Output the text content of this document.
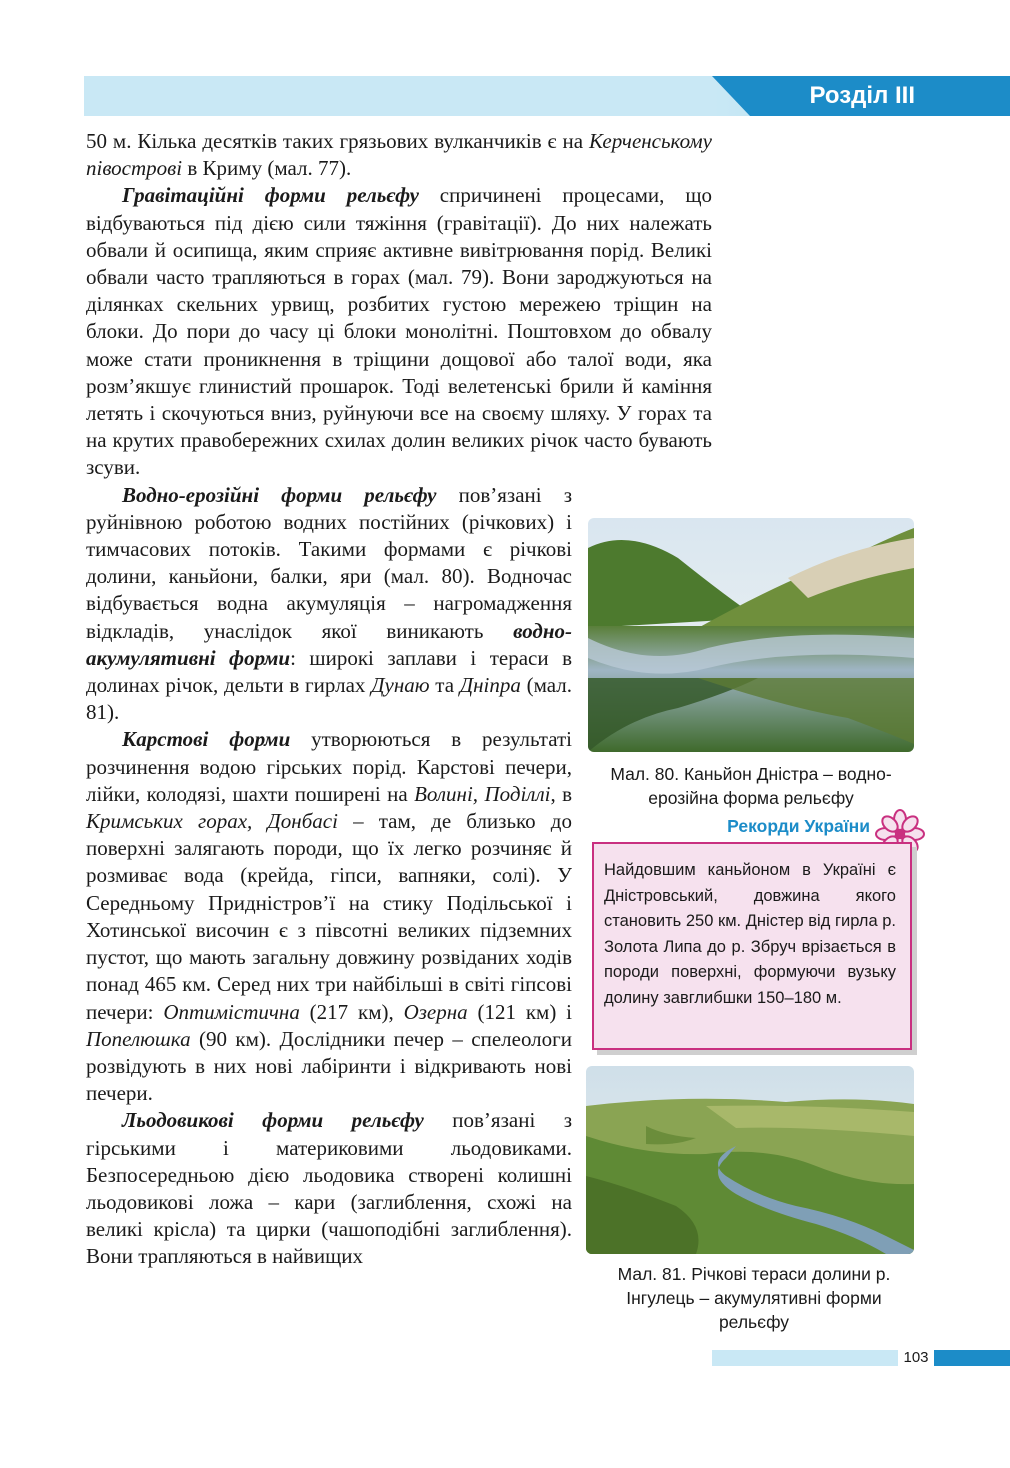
Розділ ІІІ

50 м. Кілька десятків таких грязьових вулканчиків є на Керченському півострові в Криму (мал. 77).

Гравітаційні форми рельєфу спричинені процесами, що відбуваються під дією сили тяжіння (гравітації). До них належать обвали й осипища, яким сприяє активне вивітрювання порід. Великі обвали часто трапляються в горах (мал. 79). Вони зароджуються на ділянках скельних урвищ, розбитих густою мережею тріщин на блоки. До пори до часу ці блоки монолітні. Поштовхом до обвалу може стати проникнення в тріщини дощової або талої води, яка розм’якшує глинистий прошарок. Тоді велетенські брили й каміння летять і скочуються вниз, руйнуючи все на своєму шляху. У горах та на крутих правобережних схилах долин великих річок часто бувають зсуви.

Водно-ерозійні форми рельєфу пов’язані з руйнівною роботою водних постійних (річкових) і тимчасових потоків. Такими формами є річкові долини, каньйони, балки, яри (мал. 80). Водночас відбувається водна акумуляція – нагромадження відкладів, унаслідок якої виникають водно-акумулятивні форми: широкі заплави і тераси в долинах річок, дельти в гирлах Дунаю та Дніпра (мал. 81).

Карстові форми утворюються в результаті розчинення водою гірських порід. Карстові печери, лійки, колодязі, шахти поширені на Волині, Поділлі, в Кримських горах, Донбасі – там, де близько до поверхні залягають породи, що їх легко розчиняє й розмиває вода (крейда, гіпси, вапняки, солі). У Середньому Придністров’ї на стику Подільської і Хотинської височин є з півсотні великих підземних пустот, що мають загальну довжину розвіданих ходів понад 465 км. Серед них три найбільші в світі гіпсові печери: Оптимістична (217 км), Озерна (121 км) і Попелюшка (90 км). Дослідники печер – спелеологи розвідують в них нові лабіринти і відкривають нові печери.

Льодовикові форми рельєфу пов’язані з гірськими і материковими льодовиками. Безпосередньою дією льодовика створені колишні льодовикові ложа – кари (заглиблення, схожі на великі крісла) та цирки (чашоподібні заглиблення). Вони трапляються в найвищих

Мал. 80. Каньйон Дністра – водно-ерозійна форма рельєфу
Рекорди України
Найдовшим каньйоном в Україні є Дністровський, довжина якого становить 250 км. Дністер від гирла р. Золота Липа до р. Збруч врізається в породи поверхні, формуючи вузьку долину завглибшки 150–180 м.
Мал. 81. Річкові тераси долини р. Інгулець – акумулятивні форми рельєфу
103
